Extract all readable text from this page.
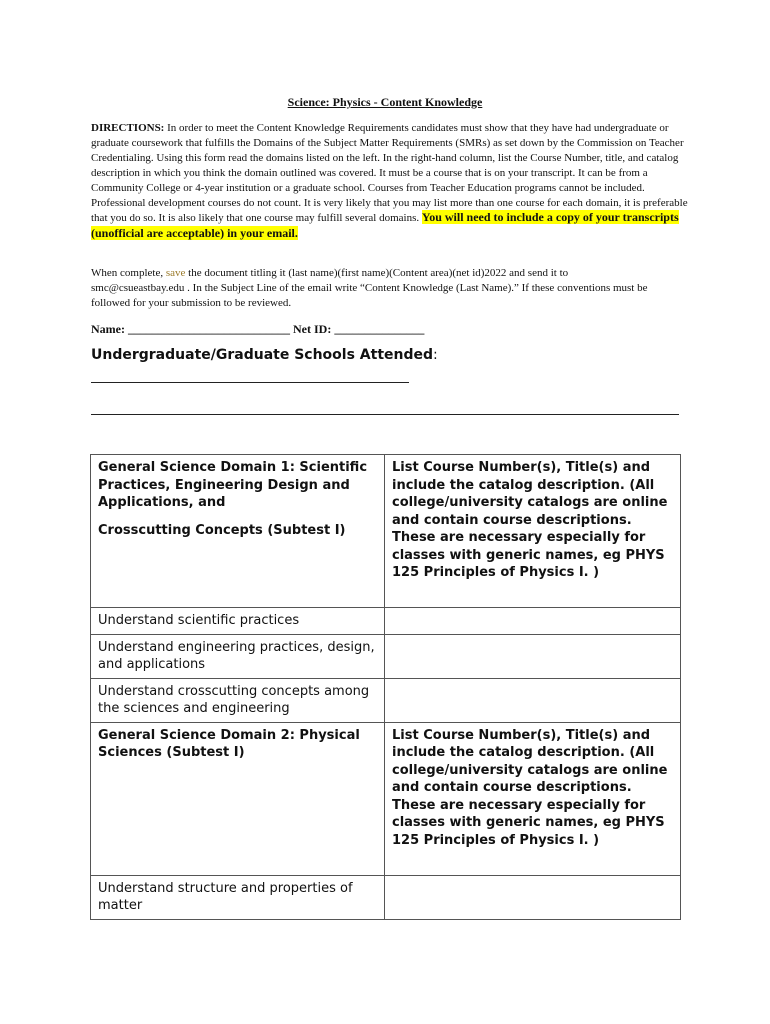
Science: Physics - Content Knowledge

DIRECTIONS: In order to meet the Content Knowledge Requirements candidates must show that they have had undergraduate or graduate coursework that fulfills the Domains of the Subject Matter Requirements (SMRs) as set down by the Commission on Teacher Credentialing. Using this form read the domains listed on the left. In the right-hand column, list the Course Number, title, and catalog description in which you think the domain outlined was covered. It must be a course that is on your transcript. It can be from a Community College or 4-year institution or a graduate school. Courses from Teacher Education programs cannot be included. Professional development courses do not count. It is very likely that you may list more than one course for each domain, it is preferable that you do so. It is also likely that one course may fulfill several domains. You will need to include a copy of your transcripts (unofficial are acceptable) in your email.

When complete, save the document titling it (last name)(first name)(Content area)(net id)2022 and send it to smc@csueastbay.edu . In the Subject Line of the email write “Content Knowledge (Last Name).” If these conventions must be followed for your submission to be reviewed.

Name: ___________________________ Net ID: _______________
Undergraduate/Graduate Schools Attended:
General Science Domain 1: Scientific Practices, Engineering Design and Applications, and
Crosscutting Concepts (Subtest I)	List Course Number(s), Title(s) and include the catalog description. (All college/university catalogs are online and contain course descriptions. These are necessary especially for classes with generic names, eg PHYS 125 Principles of Physics I. )
Understand scientific practices	
Understand engineering practices, design, and applications	
Understand crosscutting concepts among the sciences and engineering	
General Science Domain 2: Physical Sciences (Subtest I)	List Course Number(s), Title(s) and include the catalog description. (All college/university catalogs are online and contain course descriptions. These are necessary especially for classes with generic names, eg PHYS 125 Principles of Physics I. )
Understand structure and properties of matter	
